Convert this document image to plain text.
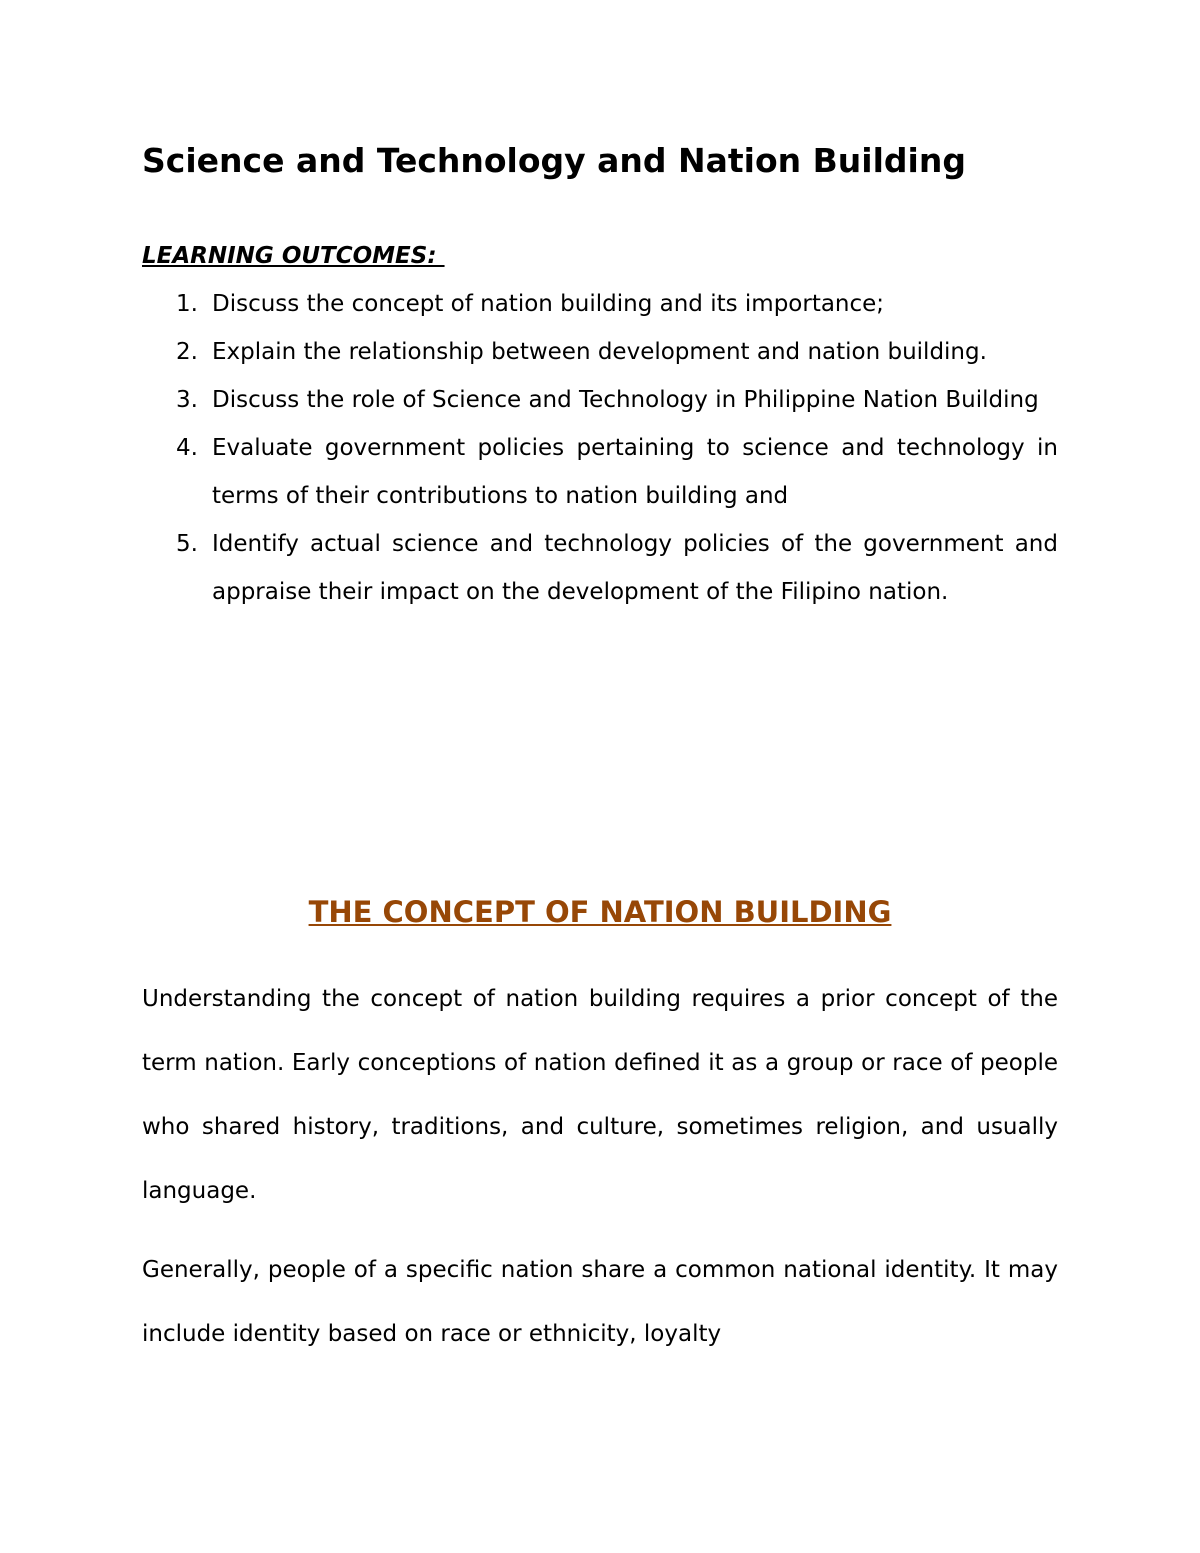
Science and Technology and Nation Building

LEARNING OUTCOMES:

1. Discuss the concept of nation building and its importance;
2. Explain the relationship between development and nation building.
3. Discuss the role of Science and Technology in Philippine Nation Building
4. Evaluate government policies pertaining to science and technology in terms of their contributions to nation building and
5. Identify actual science and technology policies of the government and appraise their impact on the development of the Filipino nation.
THE CONCEPT OF NATION BUILDING

Understanding the concept of nation building requires a prior concept of the term nation. Early conceptions of nation defined it as a group or race of people who shared history, traditions, and culture, sometimes religion, and usually language.

Generally, people of a specific nation share a common national identity. It may include identity based on race or ethnicity, loyalty
